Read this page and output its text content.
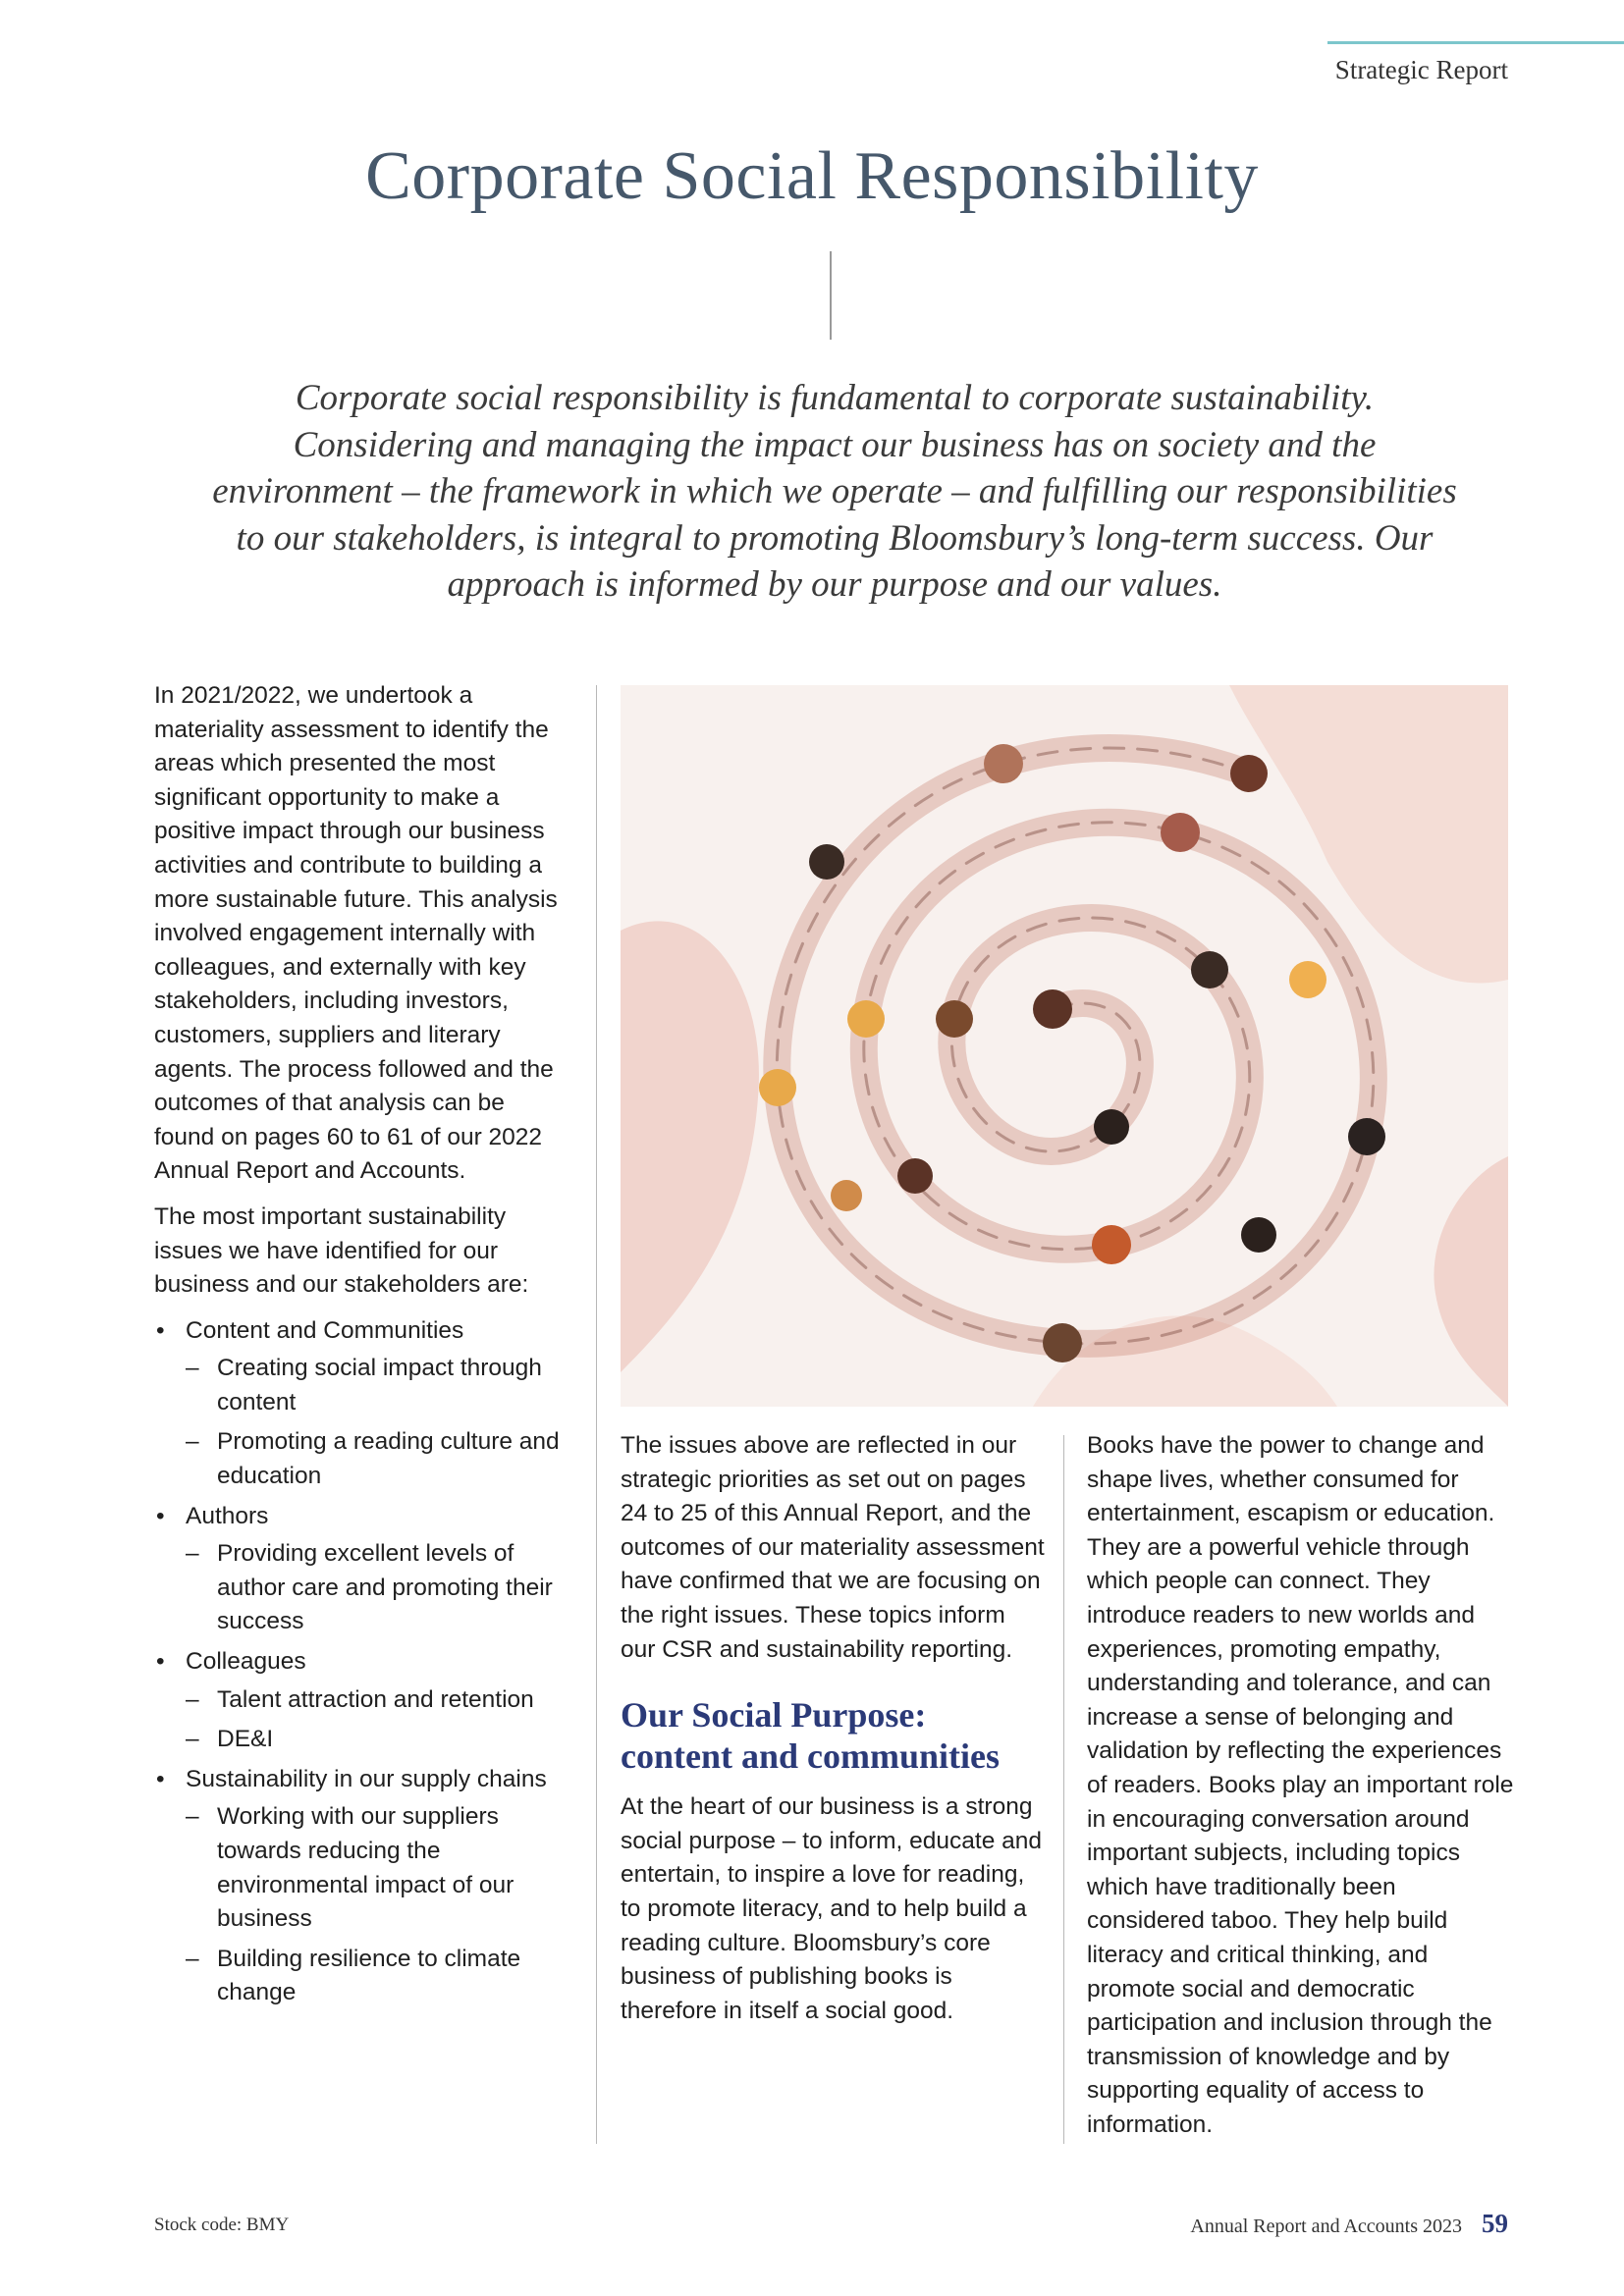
Strategic Report
Corporate Social Responsibility

Corporate social responsibility is fundamental to corporate sustainability. Considering and managing the impact our business has on society and the environment – the framework in which we operate – and fulfilling our responsibilities to our stakeholders, is integral to promoting Bloomsbury’s long-term success. Our approach is informed by our purpose and our values.

In 2021/2022, we undertook a materiality assessment to identify the areas which presented the most significant opportunity to make a positive impact through our business activities and contribute to building a more sustainable future. This analysis involved engagement internally with colleagues, and externally with key stakeholders, including investors, customers, suppliers and literary agents. The process followed and the outcomes of that analysis can be found on pages 60 to 61 of our 2022 Annual Report and Accounts.

The most important sustainability issues we have identified for our business and our stakeholders are:

• Content and Communities
– Creating social impact through content
– Promoting a reading culture and education
• Authors
– Providing excellent levels of author care and promoting their success
• Colleagues
– Talent attraction and retention
– DE&I
• Sustainability in our supply chains
– Working with our suppliers towards reducing the environmental impact of our business
– Building resilience to climate change

The issues above are reflected in our strategic priorities as set out on pages 24 to 25 of this Annual Report, and the outcomes of our materiality assessment have confirmed that we are focusing on the right issues. These topics inform our CSR and sustainability reporting.

Our Social Purpose: content and communities

At the heart of our business is a strong social purpose – to inform, educate and entertain, to inspire a love for reading, to promote literacy, and to help build a reading culture. Bloomsbury’s core business of publishing books is therefore in itself a social good.

Books have the power to change and shape lives, whether consumed for entertainment, escapism or education. They are a powerful vehicle through which people can connect. They introduce readers to new worlds and experiences, promoting empathy, understanding and tolerance, and can increase a sense of belonging and validation by reflecting the experiences of readers. Books play an important role in encouraging conversation around important subjects, including topics which have traditionally been considered taboo. They help build literacy and critical thinking, and promote social and democratic participation and inclusion through the transmission of knowledge and by supporting equality of access to information.

Stock code: BMY	Annual Report and Accounts 2023 59
